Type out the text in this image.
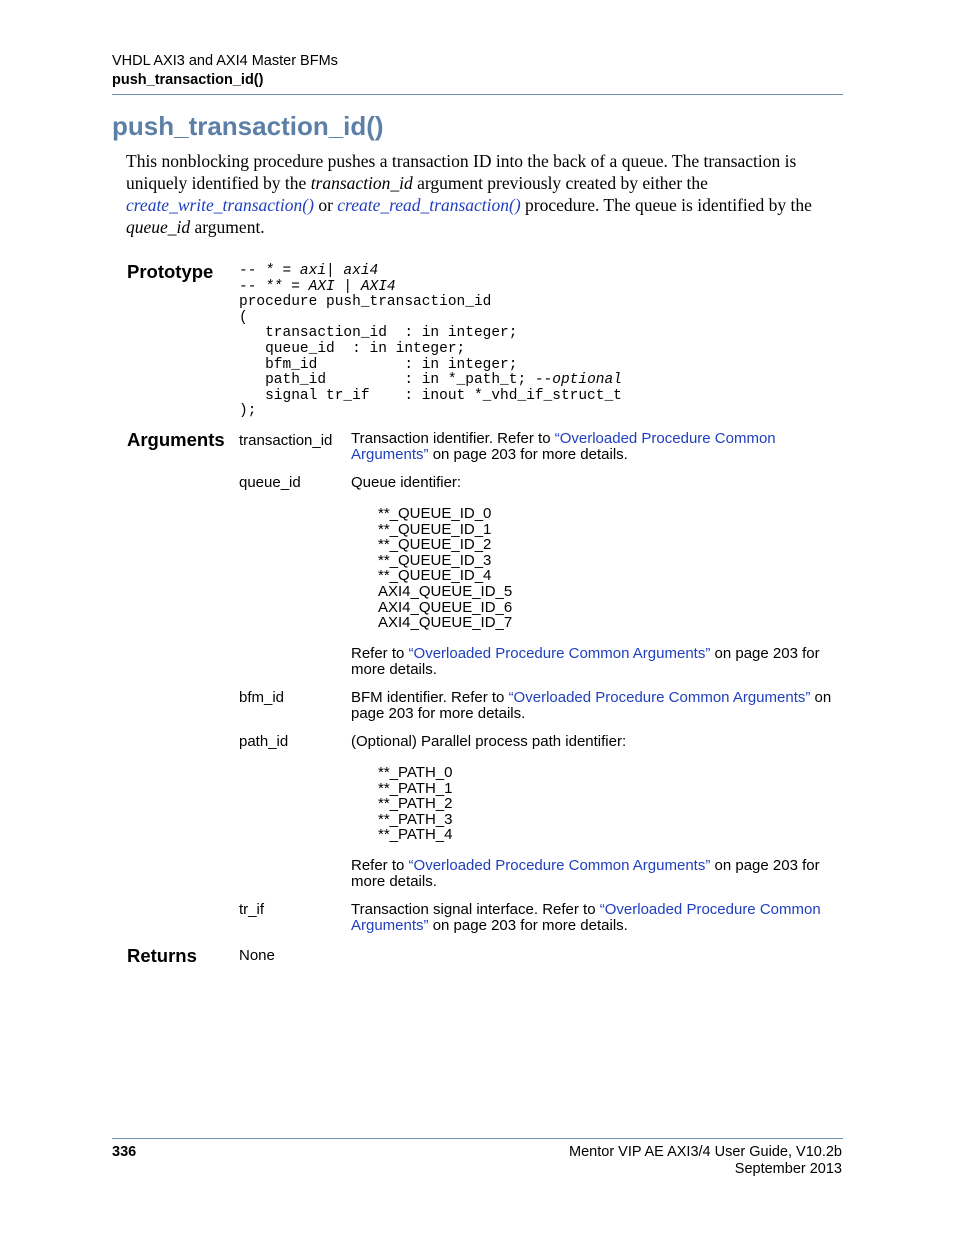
VHDL AXI3 and AXI4 Master BFMs
push_transaction_id()
push_transaction_id()
This nonblocking procedure pushes a transaction ID into the back of a queue. The transaction is uniquely identified by the transaction_id argument previously created by either the create_write_transaction() or create_read_transaction() procedure. The queue is identified by the queue_id argument.
Prototype -- * = axi| axi4
-- ** = AXI | AXI4
procedure push_transaction_id
(
transaction_id  : in integer;
queue_id  : in integer;
bfm_id          : in integer;
path_id         : in *_path_t; --optional
signal tr_if    : inout *_vhd_if_struct_t
);
Arguments transaction_id Transaction identifier. Refer to “Overloaded Procedure Common
Arguments” on page 203 for more details.
queue_id	Queue identifier:
**_QUEUE_ID_0
**_QUEUE_ID_1
**_QUEUE_ID_2
**_QUEUE_ID_3
**_QUEUE_ID_4
AXI4_QUEUE_ID_5
AXI4_QUEUE_ID_6
AXI4_QUEUE_ID_7
Refer to “Overloaded Procedure Common Arguments” on page 203 for more details.
bfm_id	BFM identifier. Refer to “Overloaded Procedure Common Arguments” on page 203 for more details.
path_id	(Optional) Parallel process path identifier:
**_PATH_0
**_PATH_1
**_PATH_2
**_PATH_3
**_PATH_4
Refer to “Overloaded Procedure Common Arguments” on page 203 for more details.
tr_if	Transaction signal interface. Refer to “Overloaded Procedure Common
Arguments” on page 203 for more details.
Returns	None
336	Mentor VIP AE AXI3/4 User Guide, V10.2b
September 2013
